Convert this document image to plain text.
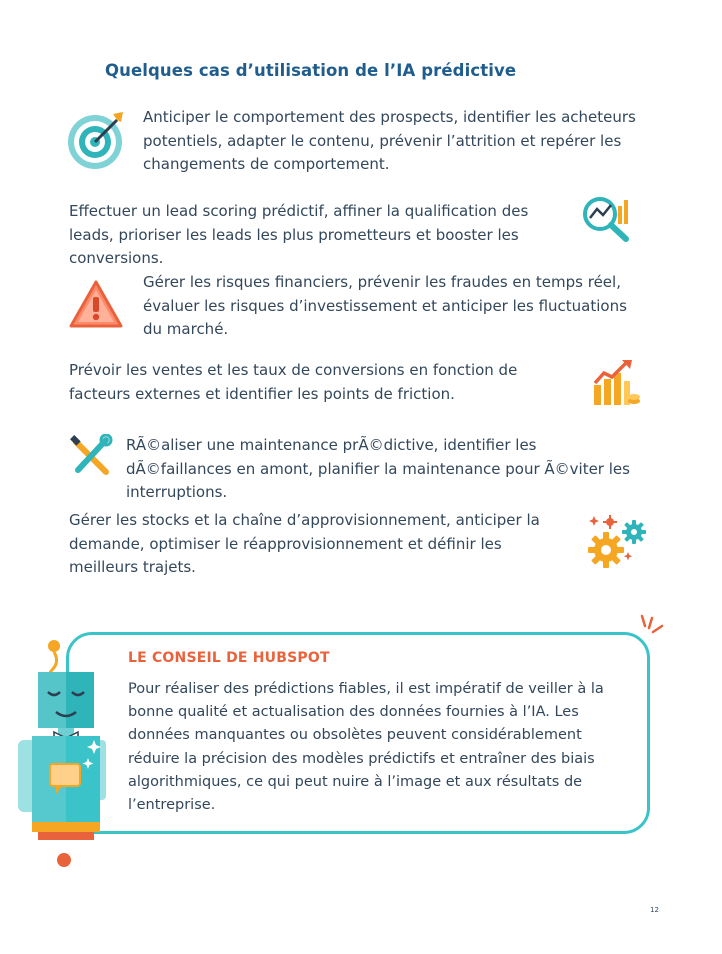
Quelques cas d’utilisation de l’IA prédictive

Anticiper le comportement des prospects, identifier les acheteurs potentiels, adapter le contenu, prévenir l’attrition et repérer les changements de comportement.

Effectuer un lead scoring prédictif, affiner la qualification des leads, prioriser les leads les plus prometteurs et booster les conversions.

Gérer les risques financiers, prévenir les fraudes en temps réel, évaluer les risques d’investissement et anticiper les fluctuations du marché.

Prévoir les ventes et les taux de conversions en fonction de facteurs externes et identifier les points de friction.

RÃ©aliser une maintenance prÃ©dictive, identifier les dÃ©faillances en amont, planifier la maintenance pour Ã©viter les interruptions.

Gérer les stocks et la chaîne d’approvisionnement, anticiper la demande, optimiser le réapprovisionnement et définir les meilleurs trajets.

LE CONSEIL DE HUBSPOT

Pour réaliser des prédictions fiables, il est impératif de veiller à la bonne qualité et actualisation des données fournies à l’IA. Les données manquantes ou obsolètes peuvent considérablement réduire la précision des modèles prédictifs et entraîner des biais algorithmiques, ce qui peut nuire à l’image et aux résultats de l’entreprise.

12
